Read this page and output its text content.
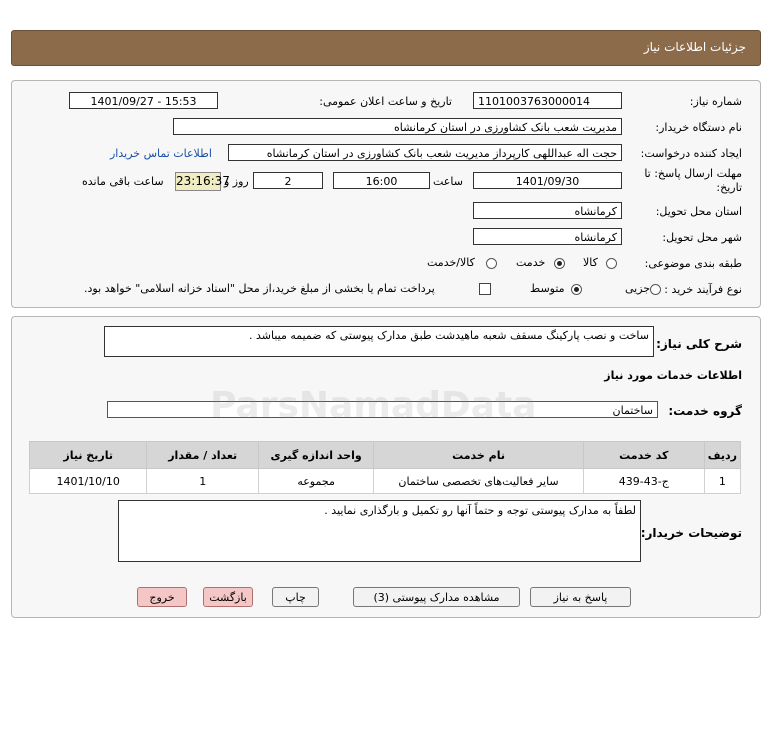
جزئیات اطلاعات نیاز
شماره نیاز:
1101003763000014
تاریخ و ساعت اعلان عمومی:
1401/09/27 - 15:53
نام دستگاه خریدار:
مدیریت شعب بانک کشاورزی در استان کرمانشاه
ایجاد کننده درخواست:
حجت اله عبداللهی کارپرداز مدیریت شعب بانک کشاورزی در استان کرمانشاه
اطلاعات تماس خریدار
مهلت ارسال پاسخ: تا
تاریخ:
1401/09/30
ساعت
16:00
2
روز و
23:16:37
ساعت باقی مانده
استان محل تحویل:
کرمانشاه
شهر محل تحویل:
کرمانشاه
طبقه بندی موضوعی:
کالا
خدمت
کالا/خدمت
نوع فرآیند خرید :
جزیی
متوسط
پرداخت تمام یا بخشی از مبلغ خرید،از محل "اسناد خزانه اسلامی" خواهد بود.
شرح کلی نیاز:
ساخت و نصب پارکینگ مسقف شعبه ماهیدشت طبق مدارک پیوستی که ضمیمه میباشد .
اطلاعات خدمات مورد نیاز
گروه خدمت:
ساختمان
ردیف	کد خدمت	نام خدمت	واحد اندازه گیری	تعداد / مقدار	تاریخ نیاز
1	ج-43-439	سایر فعالیت‌های تخصصی ساختمان	مجموعه	1	1401/10/10
توضیحات خریدار:
لطفاً به مدارک پیوستی توجه و حتماً آنها رو تکمیل و بارگذاری نمایید .
پاسخ به نیاز
مشاهده مدارک پیوستی (3)
چاپ
بازگشت
خروج
